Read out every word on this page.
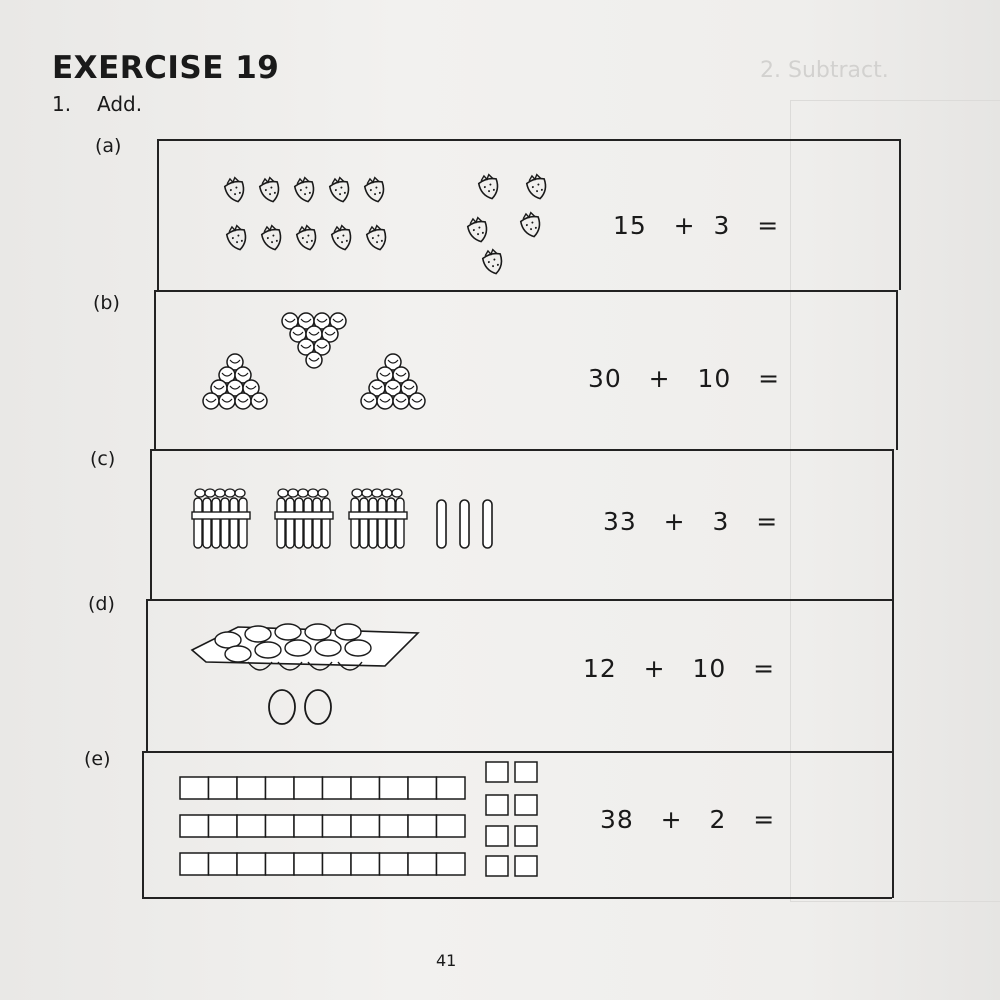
2. Subtract.
EXERCISE 19
1. Add.
(a)
(b)
(c)
(d)
(e)
15 + 3 =
30 + 10 =
33 + 3 =
12 + 10 =
38 + 2 =
41
